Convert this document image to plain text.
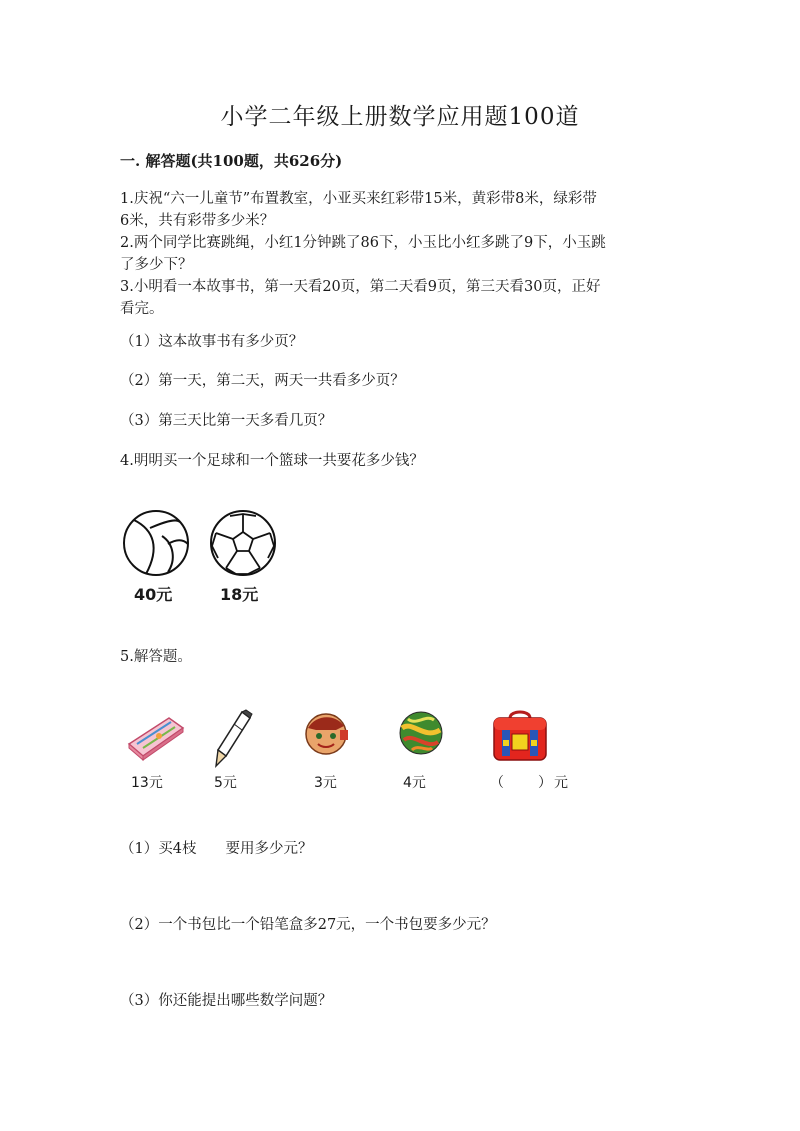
小学二年级上册数学应用题100道
一. 解答题(共100题，共626分)
1.庆祝“六一儿童节”布置教室，小亚买来红彩带15米，黄彩带8米，绿彩带
6米，共有彩带多少米？
2.两个同学比赛跳绳，小红1分钟跳了86下，小玉比小红多跳了9下，小玉跳
了多少下？
3.小明看一本故事书，第一天看20页，第二天看9页，第三天看30页，正好
看完。
（1）这本故事书有多少页？
（2）第一天，第二天，两天一共看多少页？
（3）第三天比第一天多看几页？
4.明明买一个足球和一个篮球一共要花多少钱？
40元	18元
5.解答题。
13元	5元	3元	4元	（　　）元
（1）买4枝　　要用多少元？
（2）一个书包比一个铅笔盒多27元，一个书包要多少元？
（3）你还能提出哪些数学问题？
